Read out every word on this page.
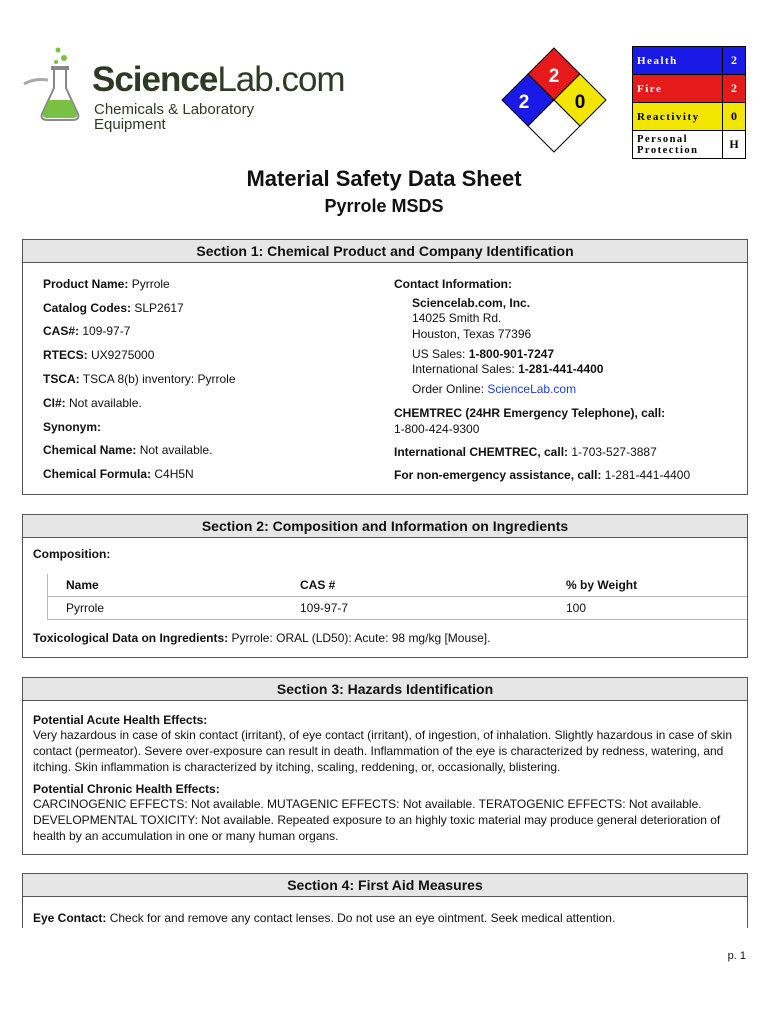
ScienceLab.com
Chemicals & Laboratory Equipment
2
2 0
Health	2
Fire	2
Reactivity	0
Personal Protection	H
Material Safety Data Sheet
Pyrrole MSDS
Section 1: Chemical Product and Company Identification
Product Name: Pyrrole
Catalog Codes: SLP2617
CAS#: 109-97-7
RTECS: UX9275000
TSCA: TSCA 8(b) inventory: Pyrrole
CI#: Not available.
Synonym:
Chemical Name: Not available.
Chemical Formula: C4H5N
Contact Information:
Sciencelab.com, Inc.
14025 Smith Rd.
Houston, Texas 77396
US Sales: 1-800-901-7247
International Sales: 1-281-441-4400
Order Online: ScienceLab.com
CHEMTREC (24HR Emergency Telephone), call:
1-800-424-9300
International CHEMTREC, call: 1-703-527-3887
For non-emergency assistance, call: 1-281-441-4400
Section 2: Composition and Information on Ingredients
Composition:
Name	CAS #	% by Weight
Pyrrole	109-97-7	100
Toxicological Data on Ingredients: Pyrrole: ORAL (LD50): Acute: 98 mg/kg [Mouse].
Section 3: Hazards Identification
Potential Acute Health Effects:
Very hazardous in case of skin contact (irritant), of eye contact (irritant), of ingestion, of inhalation. Slightly hazardous in case of skin contact (permeator). Severe over-exposure can result in death. Inflammation of the eye is characterized by redness, watering, and itching. Skin inflammation is characterized by itching, scaling, reddening, or, occasionally, blistering.
Potential Chronic Health Effects:
CARCINOGENIC EFFECTS: Not available. MUTAGENIC EFFECTS: Not available. TERATOGENIC EFFECTS: Not available. DEVELOPMENTAL TOXICITY: Not available. Repeated exposure to an highly toxic material may produce general deterioration of health by an accumulation in one or many human organs.
Section 4: First Aid Measures
Eye Contact: Check for and remove any contact lenses. Do not use an eye ointment. Seek medical attention.
p. 1
